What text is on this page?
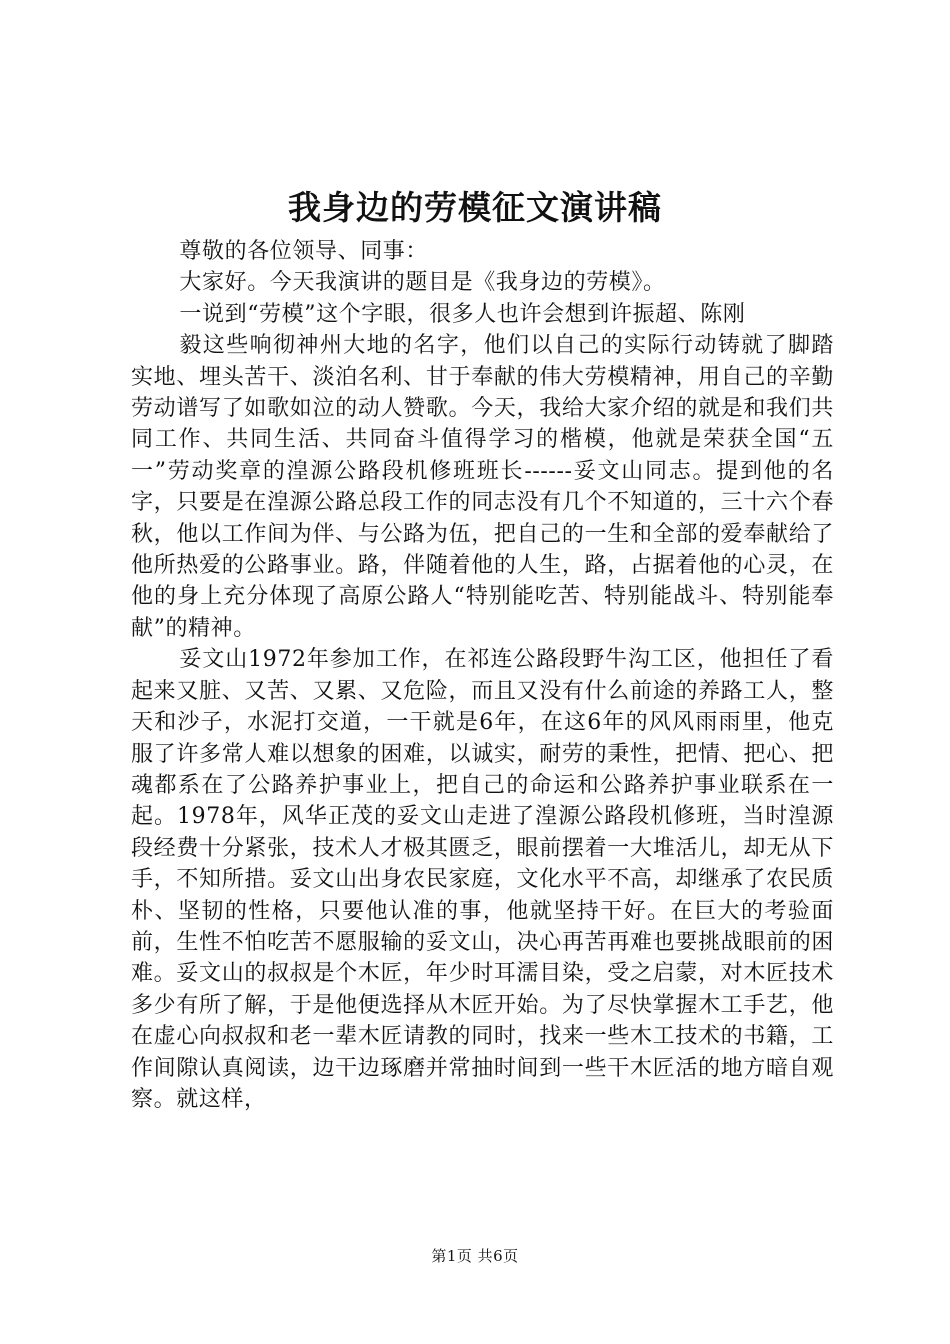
我身边的劳模征文演讲稿

尊敬的各位领导、同事：

大家好。今天我演讲的题目是《我身边的劳模》。

一说到“劳模”这个字眼，很多人也许会想到许振超、陈刚

毅这些响彻神州大地的名字，他们以自己的实际行动铸就了脚踏实地、埋头苦干、淡泊名利、甘于奉献的伟大劳模精神，用自己的辛勤劳动谱写了如歌如泣的动人赞歌。今天，我给大家介绍的就是和我们共同工作、共同生活、共同奋斗值得学习的楷模，他就是荣获全国“五一”劳动奖章的湟源公路段机修班班长------妥文山同志。提到他的名字，只要是在湟源公路总段工作的同志没有几个不知道的，三十六个春秋，他以工作间为伴、与公路为伍，把自己的一生和全部的爱奉献给了他所热爱的公路事业。路，伴随着他的人生，路，占据着他的心灵，在他的身上充分体现了高原公路人“特别能吃苦、特别能战斗、特别能奉献”的精神。

妥文山1972年参加工作，在祁连公路段野牛沟工区，他担任了看起来又脏、又苦、又累、又危险，而且又没有什么前途的养路工人，整天和沙子，水泥打交道，一干就是6年，在这6年的风风雨雨里，他克服了许多常人难以想象的困难，以诚实，耐劳的秉性，把情、把心、把魂都系在了公路养护事业上，把自己的命运和公路养护事业联系在一起。1978年，风华正茂的妥文山走进了湟源公路段机修班，当时湟源段经费十分紧张，技术人才极其匮乏，眼前摆着一大堆活儿，却无从下手，不知所措。妥文山出身农民家庭，文化水平不高，却继承了农民质朴、坚韧的性格，只要他认准的事，他就坚持干好。在巨大的考验面前，生性不怕吃苦不愿服输的妥文山，决心再苦再难也要挑战眼前的困难。妥文山的叔叔是个木匠，年少时耳濡目染，受之启蒙，对木匠技术多少有所了解，于是他便选择从木匠开始。为了尽快掌握木工手艺，他在虚心向叔叔和老一辈木匠请教的同时，找来一些木工技术的书籍，工作间隙认真阅读，边干边琢磨并常抽时间到一些干木匠活的地方暗自观察。就这样，

第1页 共6页
